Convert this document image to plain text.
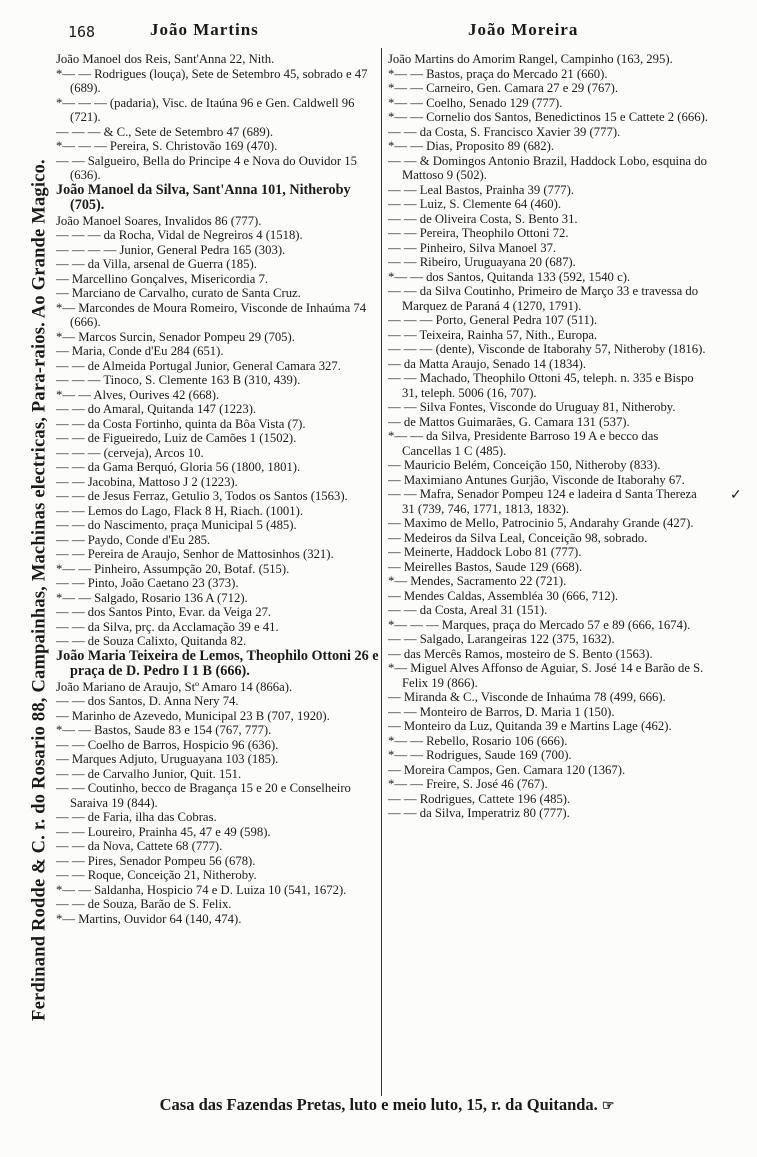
Ferdinand Rodde & C. r. do Rosario 88, Campainhas, Machinas electricas, Para-raios. Ao Grande Magico.
168	João Martins	João Moreira

João Manoel dos Reis, Sant'Anna 22, Nith.

*— — Rodrigues (louça), Sete de Setembro 45, sobrado e 47 (689).

*— — — (padaria), Visc. de Itaúna 96 e Gen. Caldwell 96 (721).

— — — & C., Sete de Setembro 47 (689).

*— — — Pereira, S. Christovão 169 (470).

— — Salgueiro, Bella do Principe 4 e Nova do Ouvidor 15 (636).

João Manoel da Silva, Sant'Anna 101, Nitheroby (705).

João Manoel Soares, Invalidos 86 (777).

— — — da Rocha, Vidal de Negreiros 4 (1518).

— — — — Junior, General Pedra 165 (303).

— — da Villa, arsenal de Guerra (185).

— Marcellino Gonçalves, Misericordia 7.

— Marciano de Carvalho, curato de Santa Cruz.

*— Marcondes de Moura Romeiro, Visconde de Inhaúma 74 (666).

*— Marcos Surcin, Senador Pompeu 29 (705).

— Maria, Conde d'Eu 284 (651).

— — de Almeida Portugal Junior, General Camara 327.

— — — Tinoco, S. Clemente 163 B (310, 439).

*— — Alves, Ourives 42 (668).

— — do Amaral, Quitanda 147 (1223).

— — da Costa Fortinho, quinta da Bôa Vista (7).

— — de Figueiredo, Luiz de Camões 1 (1502).

— — — (cerveja), Arcos 10.

— — da Gama Berquó, Gloria 56 (1800, 1801).

— — Jacobina, Mattoso J 2 (1223).

— — de Jesus Ferraz, Getulio 3, Todos os Santos (1563).

— — Lemos do Lago, Flack 8 H, Riach. (1001).

— — do Nascimento, praça Municipal 5 (485).

— — Paydo, Conde d'Eu 285.

— — Pereira de Araujo, Senhor de Mattosinhos (321).

*— — Pinheiro, Assumpção 20, Botaf. (515).

— — Pinto, João Caetano 23 (373).

*— — Salgado, Rosario 136 A (712).

— — dos Santos Pinto, Evar. da Veiga 27.

— — da Silva, prç. da Acclamação 39 e 41.

— — de Souza Calixto, Quitanda 82.

João Maria Teixeira de Lemos, Theophilo Ottoni 26 e praça de D. Pedro I 1 B (666).

João Mariano de Araujo, Stº Amaro 14 (866a).

— — dos Santos, D. Anna Nery 74.

— Marinho de Azevedo, Municipal 23 B (707, 1920).

*— — Bastos, Saude 83 e 154 (767, 777).

— — Coelho de Barros, Hospicio 96 (636).

— Marques Adjuto, Uruguayana 103 (185).

— — de Carvalho Junior, Quit. 151.

— — Coutinho, becco de Bragança 15 e 20 e Conselheiro Saraiva 19 (844).

— — de Faria, ilha das Cobras.

— — Loureiro, Prainha 45, 47 e 49 (598).

— — da Nova, Cattete 68 (777).

— — Pires, Senador Pompeu 56 (678).

— — Roque, Conceição 21, Nitheroby.

*— — Saldanha, Hospicio 74 e D. Luiza 10 (541, 1672).

— — de Souza, Barão de S. Felix.

*— Martins, Ouvidor 64 (140, 474).

João Martins do Amorim Rangel, Campinho (163, 295).

*— — Bastos, praça do Mercado 21 (660).

*— — Carneiro, Gen. Camara 27 e 29 (767).

*— — Coelho, Senado 129 (777).

*— — Cornelio dos Santos, Benedictinos 15 e Cattete 2 (666).

— — da Costa, S. Francisco Xavier 39 (777).

*— — Dias, Proposito 89 (682).

— — & Domingos Antonio Brazil, Haddock Lobo, esquina do Mattoso 9 (502).

— — Leal Bastos, Prainha 39 (777).

— — Luiz, S. Clemente 64 (460).

— — de Oliveira Costa, S. Bento 31.

— — Pereira, Theophilo Ottoni 72.

— — Pinheiro, Silva Manoel 37.

— — Ribeiro, Uruguayana 20 (687).

*— — dos Santos, Quitanda 133 (592, 1540 c).

— — da Silva Coutinho, Primeiro de Março 33 e travessa do Marquez de Paraná 4 (1270, 1791).

— — — Porto, General Pedra 107 (511).

— — Teixeira, Rainha 57, Nith., Europa.

— — — (dente), Visconde de Itaborahy 57, Nitheroby (1816).

— da Matta Araujo, Senado 14 (1834).

— — Machado, Theophilo Ottoni 45, teleph. n. 335 e Bispo 31, teleph. 5006 (16, 707).

— — Silva Fontes, Visconde do Uruguay 81, Nitheroby.

— de Mattos Guimarães, G. Camara 131 (537).

*— — da Silva, Presidente Barroso 19 A e becco das Cancellas 1 C (485).

— Mauricio Belém, Conceição 150, Nitheroby (833).

— Maximiano Antunes Gurjão, Visconde de Itaborahy 67.

— — Mafra, Senador Pompeu 124 e ladeira d Santa Thereza 31 (739, 746, 1771, 1813, 1832).

— Maximo de Mello, Patrocinio 5, Andarahy Grande (427).

— Medeiros da Silva Leal, Conceição 98, sobrado.

— Meinerte, Haddock Lobo 81 (777).

— Meirelles Bastos, Saude 129 (668).

*— Mendes, Sacramento 22 (721).

— Mendes Caldas, Assembléa 30 (666, 712).

— — da Costa, Areal 31 (151).

*— — — Marques, praça do Mercado 57 e 89 (666, 1674).

— — Salgado, Larangeiras 122 (375, 1632).

— das Mercês Ramos, mosteiro de S. Bento (1563).

*— Miguel Alves Affonso de Aguiar, S. José 14 e Barão de S. Felix 19 (866).

— Miranda & C., Visconde de Inhaúma 78 (499, 666).

— — Monteiro de Barros, D. Maria 1 (150).

— Monteiro da Luz, Quitanda 39 e Martins Lage (462).

*— — Rebello, Rosario 106 (666).

*— — Rodrigues, Saude 169 (700).

— Moreira Campos, Gen. Camara 120 (1367).

*— — Freire, S. José 46 (767).

— — Rodrigues, Cattete 196 (485).

— — da Silva, Imperatriz 80 (777).

✓
Casa das Fazendas Pretas, luto e meio luto, 15, r. da Quitanda. ☞
